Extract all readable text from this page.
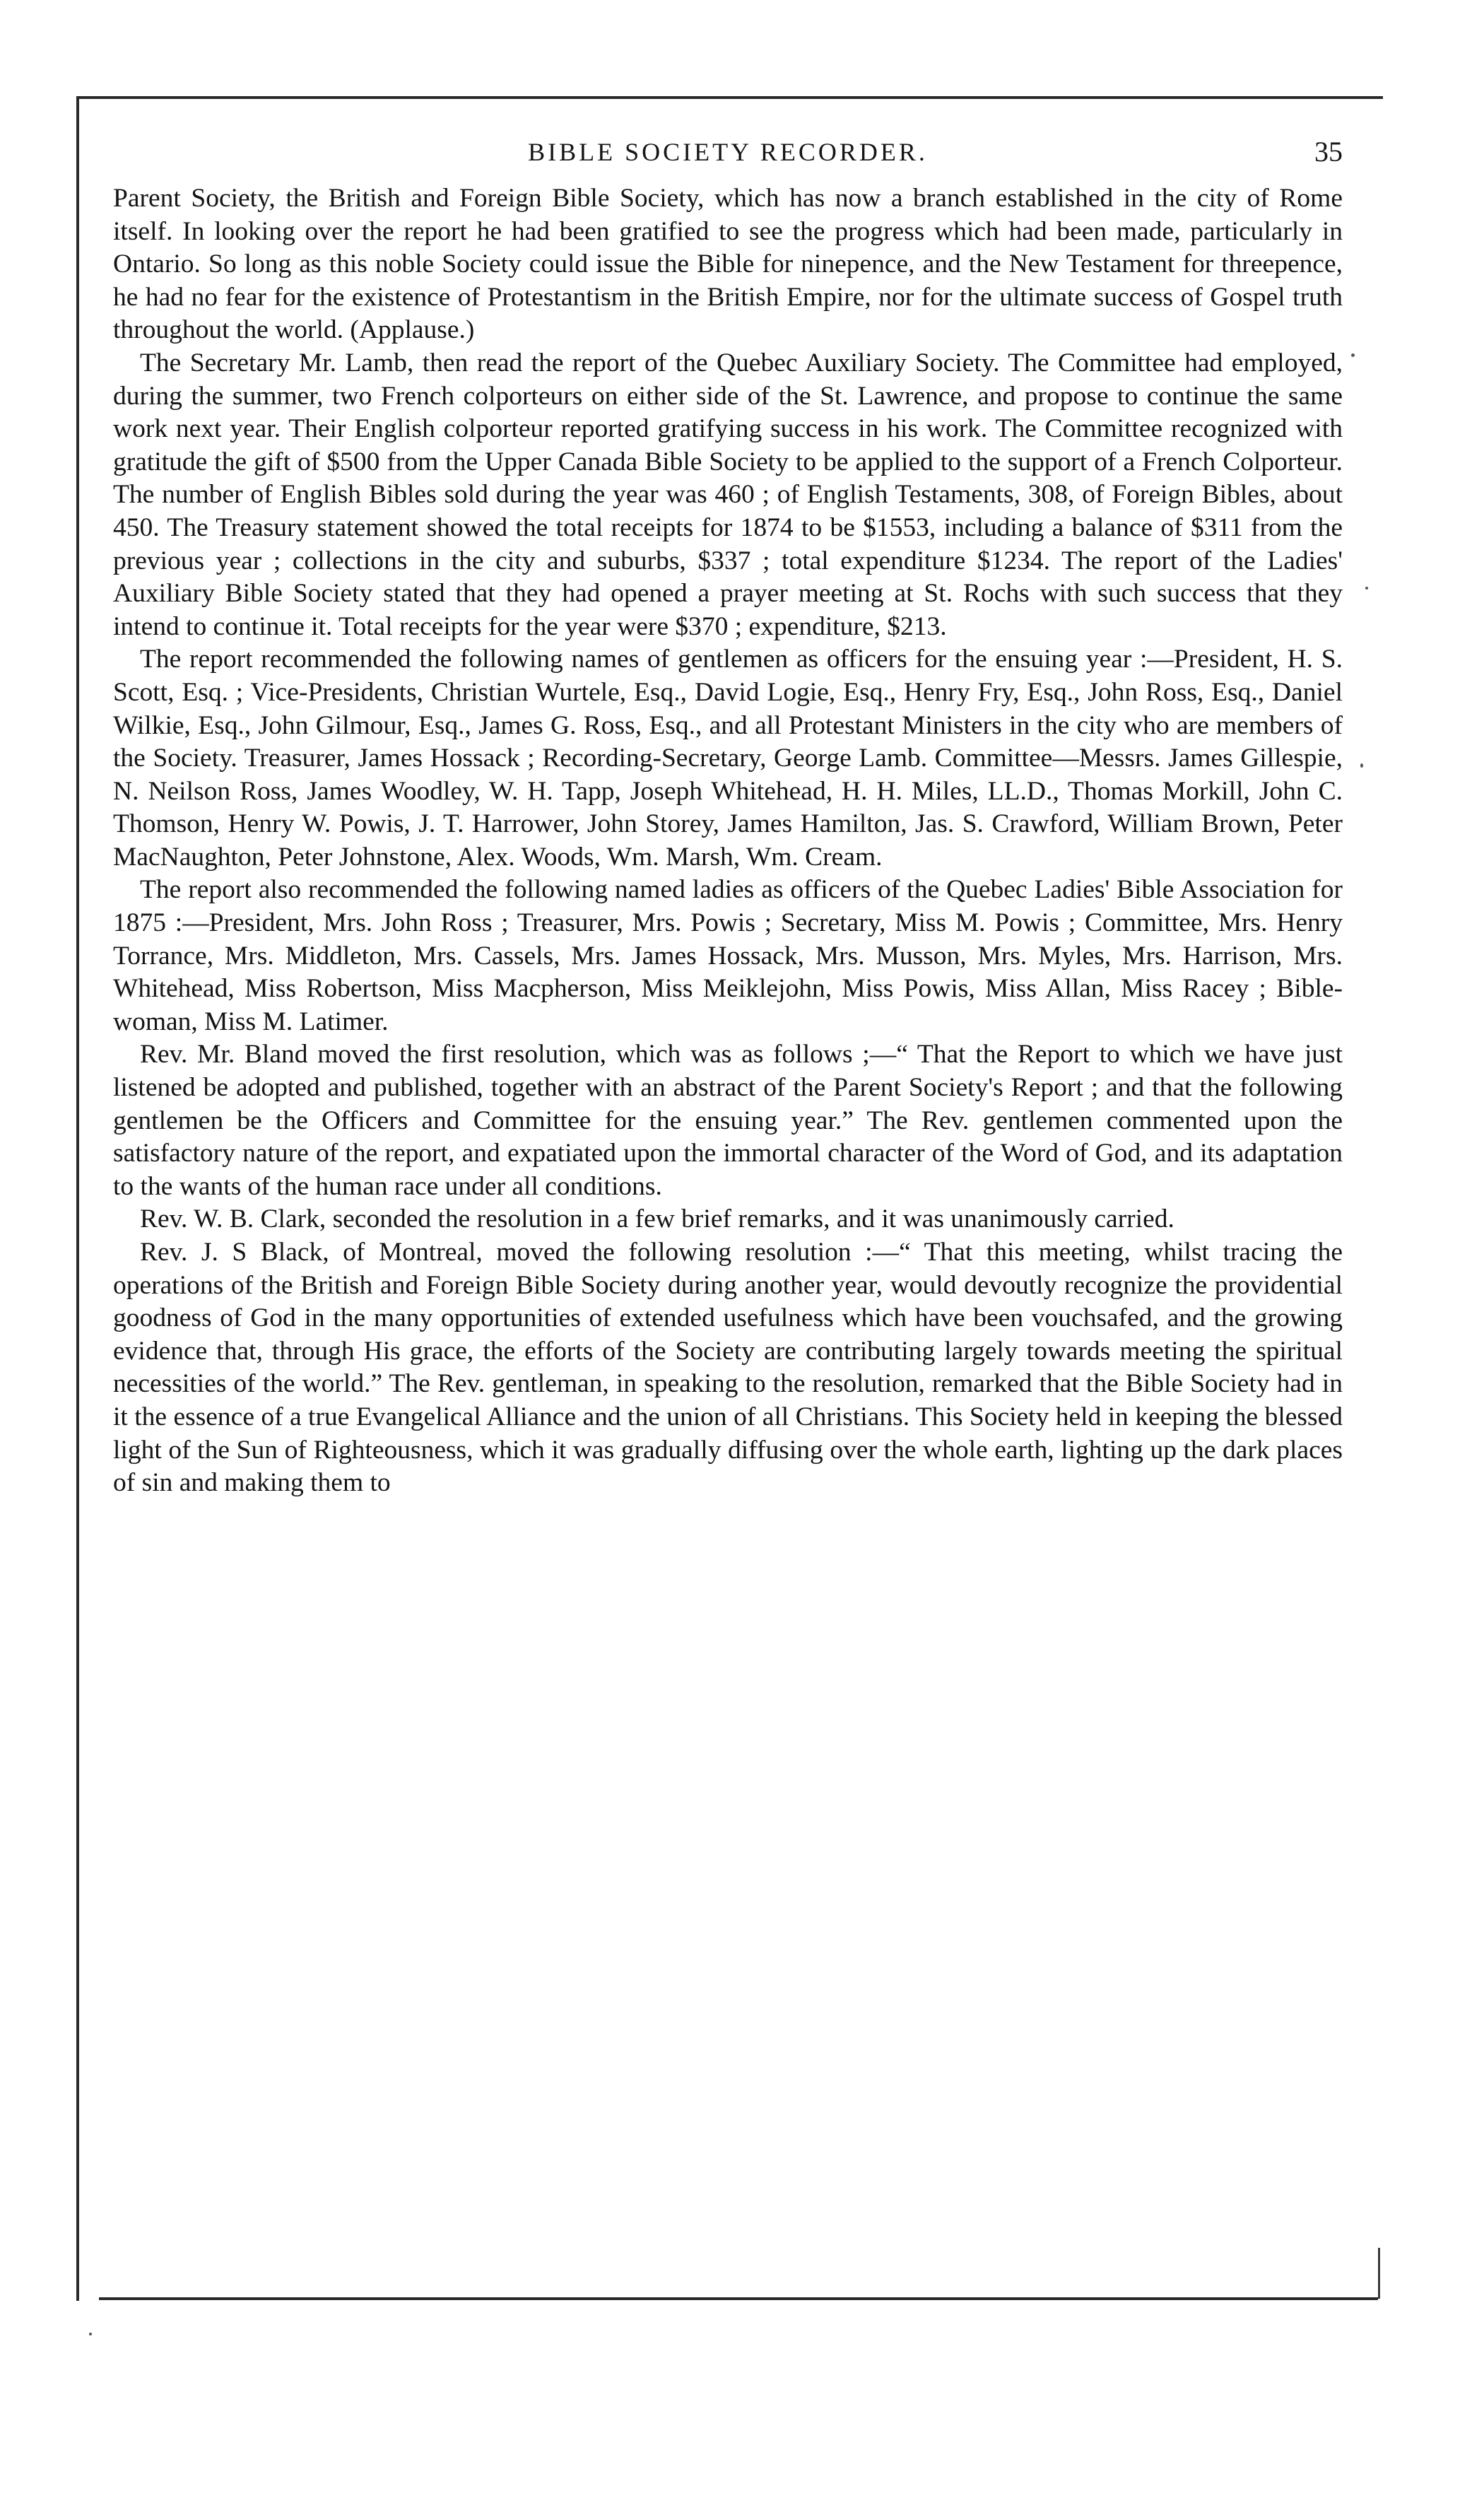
BIBLE SOCIETY RECORDER.	35

Parent Society, the British and Foreign Bible Society, which has now a branch established in the city of Rome itself. In looking over the report he had been gratified to see the progress which had been made, particularly in Ontario. So long as this noble Society could issue the Bible for ninepence, and the New Testament for threepence, he had no fear for the existence of Protestantism in the British Empire, nor for the ultimate success of Gospel truth throughout the world. (Applause.)

The Secretary Mr. Lamb, then read the report of the Quebec Auxiliary Society. The Committee had employed, during the summer, two French colporteurs on either side of the St. Lawrence, and propose to continue the same work next year. Their English colporteur reported gratifying success in his work. The Committee recognized with gratitude the gift of $500 from the Upper Canada Bible Society to be applied to the support of a French Colporteur. The number of English Bibles sold during the year was 460 ; of English Testaments, 308, of Foreign Bibles, about 450. The Treasury statement showed the total receipts for 1874 to be $1553, including a balance of $311 from the previous year ; collections in the city and suburbs, $337 ; total expenditure $1234. The report of the Ladies' Auxiliary Bible Society stated that they had opened a prayer meeting at St. Rochs with such success that they intend to continue it. Total receipts for the year were $370 ; expenditure, $213.

The report recommended the following names of gentlemen as officers for the ensuing year :—President, H. S. Scott, Esq. ; Vice-Presidents, Christian Wurtele, Esq., David Logie, Esq., Henry Fry, Esq., John Ross, Esq., Daniel Wilkie, Esq., John Gilmour, Esq., James G. Ross, Esq., and all Protestant Ministers in the city who are members of the Society. Treasurer, James Hossack ; Recording-Secretary, George Lamb. Committee—Messrs. James Gillespie, N. Neilson Ross, James Woodley, W. H. Tapp, Joseph Whitehead, H. H. Miles, LL.D., Thomas Morkill, John C. Thomson, Henry W. Powis, J. T. Harrower, John Storey, James Hamilton, Jas. S. Crawford, William Brown, Peter MacNaughton, Peter Johnstone, Alex. Woods, Wm. Marsh, Wm. Cream.

The report also recommended the following named ladies as officers of the Quebec Ladies' Bible Association for 1875 :—President, Mrs. John Ross ; Treasurer, Mrs. Powis ; Secretary, Miss M. Powis ; Committee, Mrs. Henry Torrance, Mrs. Middleton, Mrs. Cassels, Mrs. James Hossack, Mrs. Musson, Mrs. Myles, Mrs. Harrison, Mrs. Whitehead, Miss Robertson, Miss Macpherson, Miss Meiklejohn, Miss Powis, Miss Allan, Miss Racey ; Bible-woman, Miss M. Latimer.

Rev. Mr. Bland moved the first resolution, which was as follows ;—“ That the Report to which we have just listened be adopted and published, together with an abstract of the Parent Society's Report ; and that the following gentlemen be the Officers and Committee for the ensuing year.” The Rev. gentlemen commented upon the satisfactory nature of the report, and expatiated upon the immortal character of the Word of God, and its adaptation to the wants of the human race under all conditions.

Rev. W. B. Clark, seconded the resolution in a few brief remarks, and it was unanimously carried.

Rev. J. S Black, of Montreal, moved the following resolution :—“ That this meeting, whilst tracing the operations of the British and Foreign Bible Society during another year, would devoutly recognize the providential goodness of God in the many opportunities of extended usefulness which have been vouchsafed, and the growing evidence that, through His grace, the efforts of the Society are contributing largely towards meeting the spiritual necessities of the world.” The Rev. gentleman, in speaking to the resolution, remarked that the Bible Society had in it the essence of a true Evangelical Alliance and the union of all Christians. This Society held in keeping the blessed light of the Sun of Righteousness, which it was gradually diffusing over the whole earth, lighting up the dark places of sin and making them to
